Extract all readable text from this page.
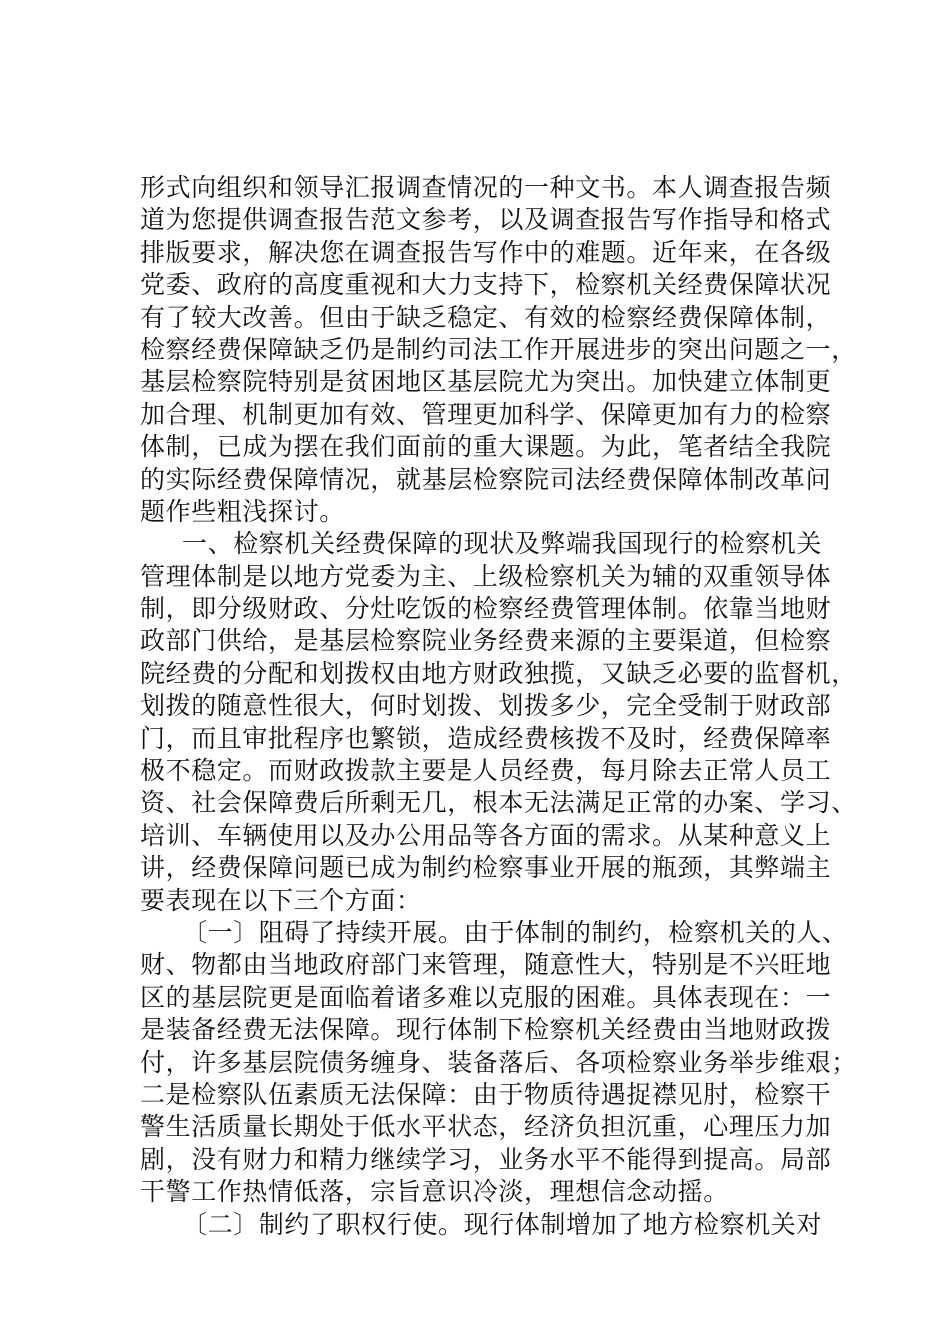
形式向组织和领导汇报调查情况的一种文书。本人调查报告频
道为您提供调查报告范文参考，以及调查报告写作指导和格式
排版要求，解决您在调查报告写作中的难题。近年来，在各级
党委、政府的高度重视和大力支持下，检察机关经费保障状况
有了较大改善。但由于缺乏稳定、有效的检察经费保障体制，
检察经费保障缺乏仍是制约司法工作开展进步的突出问题之一，
基层检察院特别是贫困地区基层院尤为突出。加快建立体制更
加合理、机制更加有效、管理更加科学、保障更加有力的检察
体制，已成为摆在我们面前的重大课题。为此，笔者结全我院
的实际经费保障情况，就基层检察院司法经费保障体制改革问
题作些粗浅探讨。
一、检察机关经费保障的现状及弊端我国现行的检察机关
管理体制是以地方党委为主、上级检察机关为辅的双重领导体
制，即分级财政、分灶吃饭的检察经费管理体制。依靠当地财
政部门供给，是基层检察院业务经费来源的主要渠道，但检察
院经费的分配和划拨权由地方财政独揽，又缺乏必要的监督机，
划拨的随意性很大，何时划拨、划拨多少，完全受制于财政部
门，而且审批程序也繁锁，造成经费核拨不及时，经费保障率
极不稳定。而财政拨款主要是人员经费，每月除去正常人员工
资、社会保障费后所剩无几，根本无法满足正常的办案、学习、
培训、车辆使用以及办公用品等各方面的需求。从某种意义上
讲，经费保障问题已成为制约检察事业开展的瓶颈，其弊端主
要表现在以下三个方面：
〔一〕阻碍了持续开展。由于体制的制约，检察机关的人、
财、物都由当地政府部门来管理，随意性大，特别是不兴旺地
区的基层院更是面临着诸多难以克服的困难。具体表现在：一
是装备经费无法保障。现行体制下检察机关经费由当地财政拨
付，许多基层院债务缠身、装备落后、各项检察业务举步维艰；
二是检察队伍素质无法保障：由于物质待遇捉襟见肘，检察干
警生活质量长期处于低水平状态，经济负担沉重，心理压力加
剧，没有财力和精力继续学习，业务水平不能得到提高。局部
干警工作热情低落，宗旨意识冷淡，理想信念动摇。
〔二〕制约了职权行使。现行体制增加了地方检察机关对
